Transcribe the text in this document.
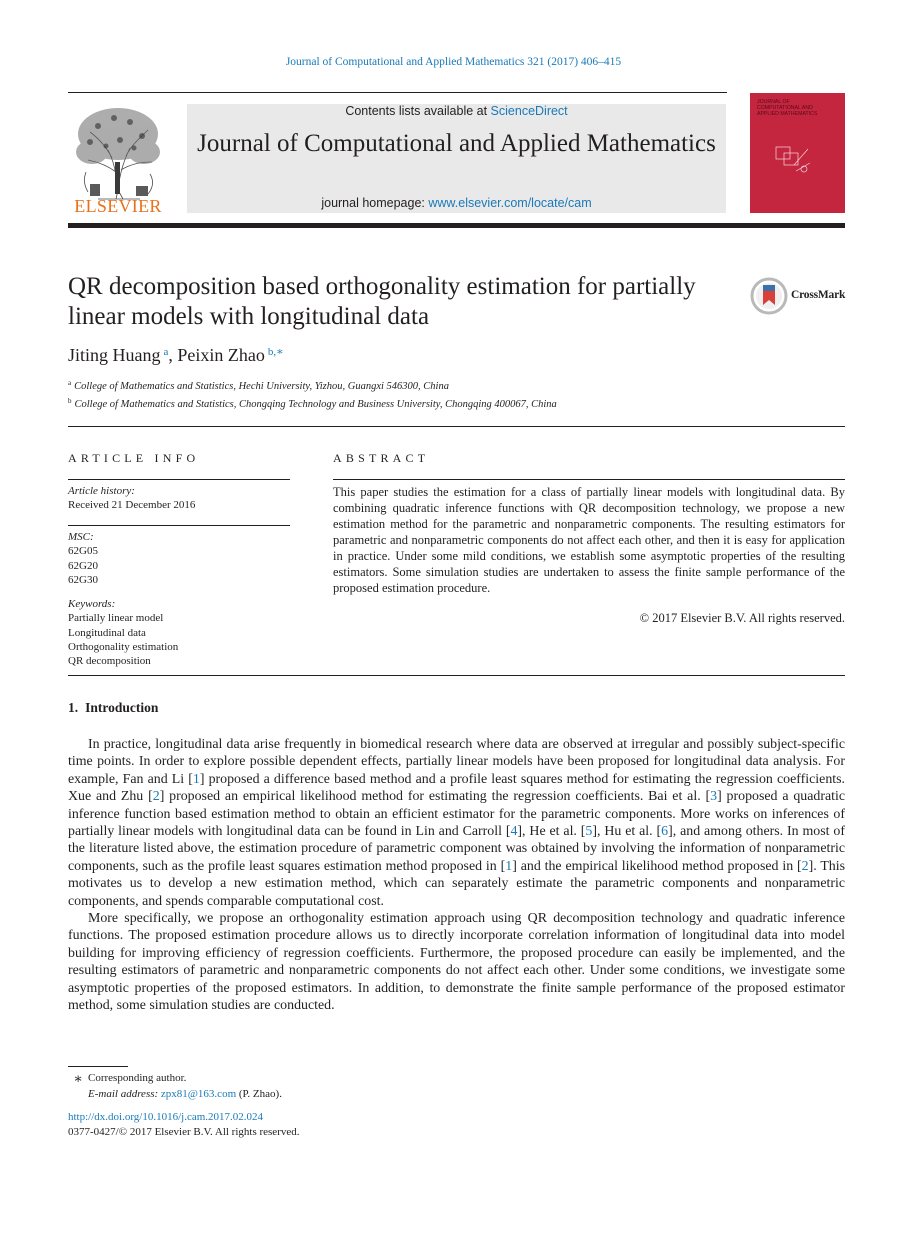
Journal of Computational and Applied Mathematics 321 (2017) 406–415
ELSEVIER
Contents lists available at ScienceDirect
Journal of Computational and Applied Mathematics
journal homepage: www.elsevier.com/locate/cam
JOURNAL OF
COMPUTATIONAL AND
APPLIED MATHEMATICS
QR decomposition based orthogonality estimation for partially linear models with longitudinal data
CrossMark
Jiting Huang $^a$, Peixin Zhao $^{b,∗}$
$^a$ College of Mathematics and Statistics, Hechi University, Yizhou, Guangxi 546300, China
$^b$ College of Mathematics and Statistics, Chongqing Technology and Business University, Chongqing 400067, China
ARTICLE INFO
Article history:
Received 21 December 2016
MSC:
62G05
62G20
62G30
Keywords:
Partially linear model
Longitudinal data
Orthogonality estimation
QR decomposition
ABSTRACT
This paper studies the estimation for a class of partially linear models with longitudinal data. By combining quadratic inference functions with QR decomposition technology, we propose a new estimation method for the parametric and nonparametric components. The resulting estimators for parametric and nonparametric components do not affect each other, and then it is easy for application in practice. Under some mild conditions, we establish some asymptotic properties of the resulting estimators. Some simulation studies are undertaken to assess the finite sample performance of the proposed estimation procedure.
© 2017 Elsevier B.V. All rights reserved.
1. Introduction

In practice, longitudinal data arise frequently in biomedical research where data are observed at irregular and possibly subject-specific time points. In order to explore possible dependent effects, partially linear models have been proposed for longitudinal data analysis. For example, Fan and Li [1] proposed a difference based method and a profile least squares method for estimating the regression coefficients. Xue and Zhu [2] proposed an empirical likelihood method for estimating the regression coefficients. Bai et al. [3] proposed a quadratic inference function based estimation method to obtain an efficient estimator for the parametric components. More works on inferences of partially linear models with longitudinal data can be found in Lin and Carroll [4], He et al. [5], Hu et al. [6], and among others. In most of the literature listed above, the estimation procedure of parametric component was obtained by involving the information of nonparametric components, such as the profile least squares estimation method proposed in [1] and the empirical likelihood method proposed in [2]. This motivates us to develop a new estimation method, which can separately estimate the parametric components and nonparametric components, and spends comparable computational cost.

More specifically, we propose an orthogonality estimation approach using QR decomposition technology and quadratic inference functions. The proposed estimation procedure allows us to directly incorporate correlation information of longitudinal data into model building for improving efficiency of regression coefficients. Furthermore, the proposed procedure can easily be implemented, and the resulting estimators of parametric and nonparametric components do not affect each other. Under some conditions, we investigate some asymptotic properties of the proposed estimators. In addition, to demonstrate the finite sample performance of the proposed estimator method, some simulation studies are conducted.

∗ Corresponding author.
E-mail address: zpx81@163.com (P. Zhao).
http://dx.doi.org/10.1016/j.cam.2017.02.024
0377-0427/© 2017 Elsevier B.V. All rights reserved.
